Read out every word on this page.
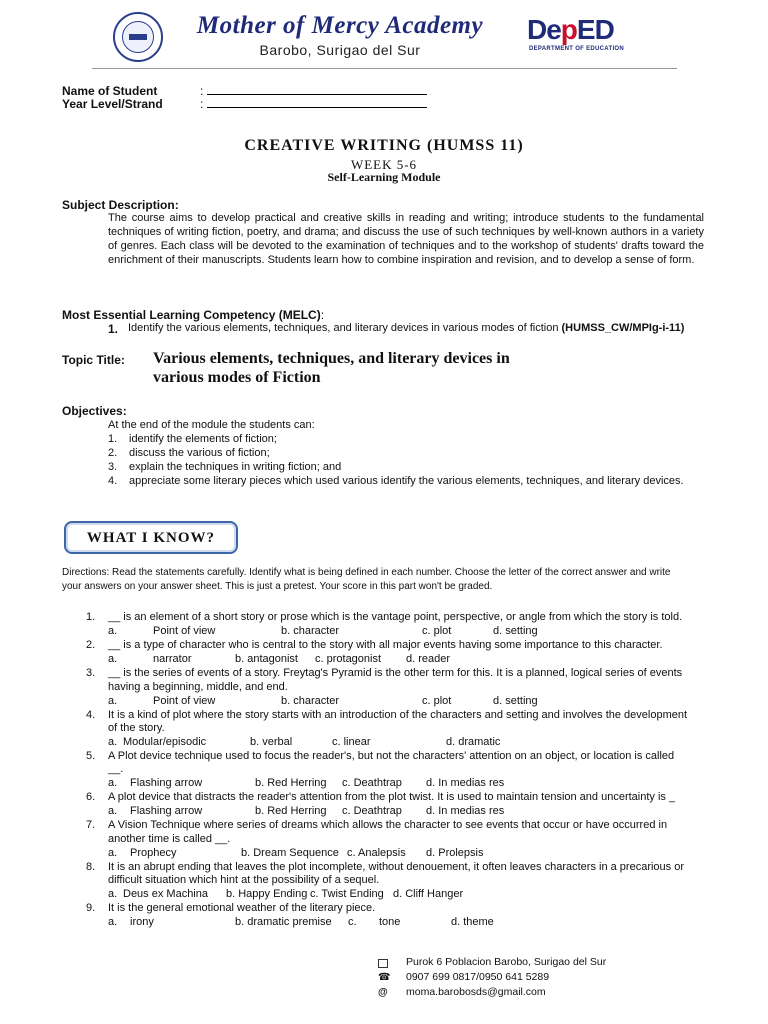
Mother of Mercy Academy
Barobo, Surigao del Sur
DepED
DEPARTMENT OF EDUCATION
Name of Student	:
Year Level/Strand	:
CREATIVE WRITING (HUMSS 11)
WEEK 5-6
Self-Learning Module
Subject Description:
The course aims to develop practical and creative skills in reading and writing; introduce students to the fundamental techniques of writing fiction, poetry, and drama; and discuss the use of such techniques by well-known authors in a variety of genres. Each class will be devoted to the examination of techniques and to the workshop of students' drafts toward the enrichment of their manuscripts. Students learn how to combine inspiration and revision, and to develop a sense of form.
Most Essential Learning Competency (MELC):
1. Identify the various elements, techniques, and literary devices in various modes of fiction (HUMSS_CW/MPIg-i-11)
Topic Title: Various elements, techniques, and literary devices in
various modes of Fiction
Objectives:
At the end of the module the students can:
1. identify the elements of fiction;
2. discuss the various of fiction;
3. explain the techniques in writing fiction; and
4. appreciate some literary pieces which used various identify the various elements, techniques, and literary devices.
WHAT I KNOW?
Directions: Read the statements carefully. Identify what is being defined in each number. Choose the letter of the correct answer and write
your answers on your answer sheet. This is just a pretest. Your score in this part won't be graded.
1. __ is an element of a short story or prose which is the vantage point, perspective, or angle from which the story is told.
a.	Point of view	b. character	c. plot	d. setting
2. __ is a type of character who is central to the story with all major events having some importance to this character.
a.	narrator	b. antagonist c. protagonist d. reader
3. __ is the series of events of a story. Freytag's Pyramid is the other term for this. It is a planned, logical series of events
having a beginning, middle, and end.
a.	Point of view	b. character	c. plot	d. setting
4. It is a kind of plot where the story starts with an introduction of the characters and setting and involves the development
of the story.
a. Modular/episodic	b. verbal	c. linear	d. dramatic
5. A Plot device technique used to focus the reader's, but not the characters' attention on an object, or location is called
__.
a. Flashing arrow	b. Red Herring c. Deathtrap d. In medias res
6. A plot device that distracts the reader's attention from the plot twist. It is used to maintain tension and uncertainty is _
a. Flashing arrow	b. Red Herring c. Deathtrap d. In medias res
7. A Vision Technique where series of dreams which allows the character to see events that occur or have occurred in
another time is called __.
a. Prophecy	b. Dream Sequence c. Analepsis d. Prolepsis
8. It is an abrupt ending that leaves the plot incomplete, without denouement, it often leaves characters in a precarious or
difficult situation which hint at the possibility of a sequel.
a. Deus ex Machina b. Happy Ending c. Twist Ending d. Cliff Hanger
9. It is the general emotional weather of the literary piece.
a. irony	b. dramatic premise c. tone	d. theme
Purok 6 Poblacion Barobo, Surigao del Sur
☎ 0907 699 0817/0950 641 5289
@ moma.barobosds@gmail.com
